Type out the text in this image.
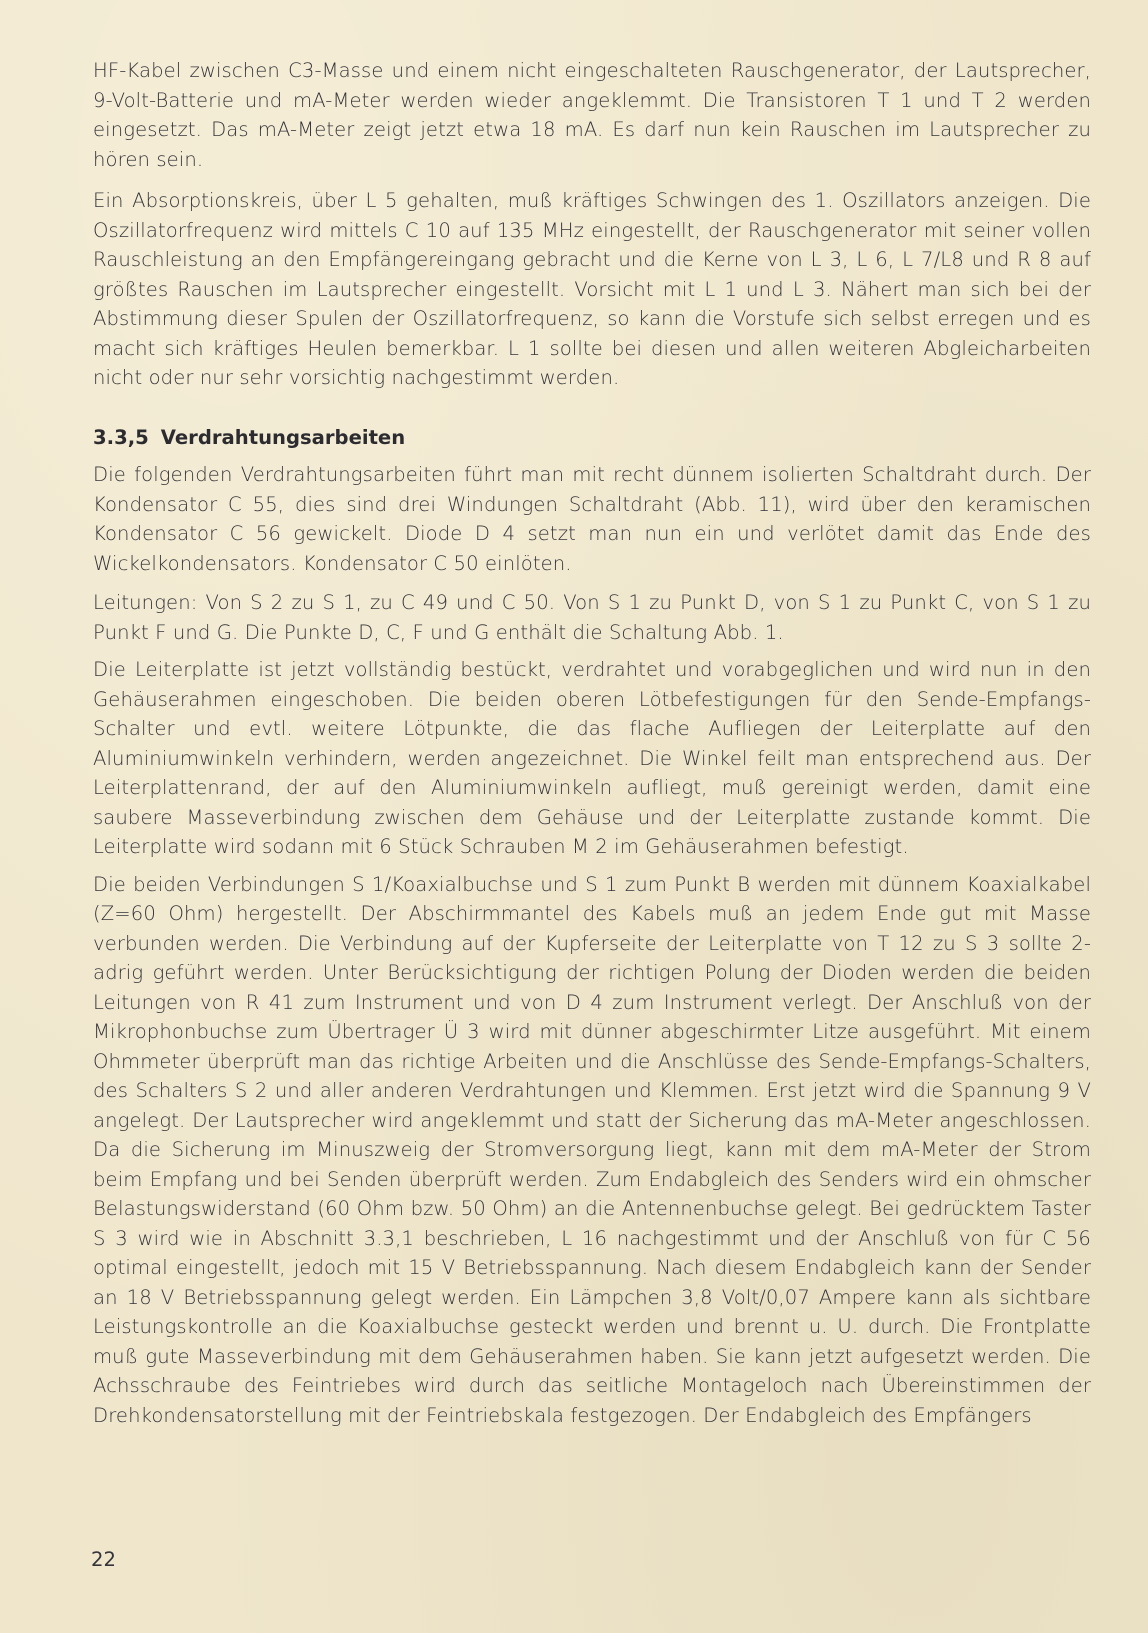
HF-Kabel zwischen C3-Masse und einem nicht eingeschalteten Rauschgenerator, der Lautsprecher, 9-Volt-Batterie und mA-Meter werden wieder angeklemmt. Die Transistoren T 1 und T 2 werden eingesetzt. Das mA-Meter zeigt jetzt etwa 18 mA. Es darf nun kein Rauschen im Lautsprecher zu hören sein.

Ein Absorptionskreis, über L 5 gehalten, muß kräftiges Schwingen des 1. Oszillators anzeigen. Die Oszillatorfrequenz wird mittels C 10 auf 135 MHz eingestellt, der Rauschgenerator mit seiner vollen Rauschleistung an den Empfängereingang gebracht und die Kerne von L 3, L 6, L 7/L8 und R 8 auf größtes Rauschen im Lautsprecher eingestellt. Vorsicht mit L 1 und L 3. Nähert man sich bei der Abstimmung dieser Spulen der Oszillatorfrequenz, so kann die Vorstufe sich selbst erregen und es macht sich kräftiges Heulen bemerkbar. L 1 sollte bei diesen und allen weiteren Abgleicharbeiten nicht oder nur sehr vorsichtig nachgestimmt werden.

3.3,5 Verdrahtungsarbeiten

Die folgenden Verdrahtungsarbeiten führt man mit recht dünnem isolierten Schaltdraht durch. Der Kondensator C 55, dies sind drei Windungen Schaltdraht (Abb. 11), wird über den keramischen Kondensator C 56 gewickelt. Diode D 4 setzt man nun ein und verlötet damit das Ende des Wickelkondensators. Kondensator C 50 einlöten.

Leitungen: Von S 2 zu S 1, zu C 49 und C 50. Von S 1 zu Punkt D, von S 1 zu Punkt C, von S 1 zu Punkt F und G. Die Punkte D, C, F und G enthält die Schaltung Abb. 1.

Die Leiterplatte ist jetzt vollständig bestückt, verdrahtet und vorabgeglichen und wird nun in den Gehäuserahmen eingeschoben. Die beiden oberen Lötbefestigungen für den Sende-Empfangs-Schalter und evtl. weitere Lötpunkte, die das flache Aufliegen der Leiterplatte auf den Aluminiumwinkeln verhindern, werden angezeichnet. Die Winkel feilt man entsprechend aus. Der Leiterplattenrand, der auf den Aluminiumwinkeln aufliegt, muß gereinigt werden, damit eine saubere Masseverbindung zwischen dem Gehäuse und der Leiterplatte zustande kommt. Die Leiterplatte wird sodann mit 6 Stück Schrauben M 2 im Gehäuserahmen befestigt.

Die beiden Verbindungen S 1/Koaxialbuchse und S 1 zum Punkt B werden mit dünnem Koaxialkabel (Z=60 Ohm) hergestellt. Der Abschirmmantel des Kabels muß an jedem Ende gut mit Masse verbunden werden. Die Verbindung auf der Kupferseite der Leiterplatte von T 12 zu S 3 sollte 2-adrig geführt werden. Unter Berücksichtigung der richtigen Polung der Dioden werden die beiden Leitungen von R 41 zum Instrument und von D 4 zum Instrument verlegt. Der Anschluß von der Mikrophonbuchse zum Übertrager Ü 3 wird mit dünner abgeschirmter Litze ausgeführt. Mit einem Ohmmeter überprüft man das richtige Arbeiten und die Anschlüsse des Sende-Empfangs-Schalters, des Schalters S 2 und aller anderen Verdrahtungen und Klemmen. Erst jetzt wird die Spannung 9 V angelegt. Der Lautsprecher wird angeklemmt und statt der Sicherung das mA-Meter angeschlossen. Da die Sicherung im Minuszweig der Stromversorgung liegt, kann mit dem mA-Meter der Strom beim Empfang und bei Senden überprüft werden. Zum Endabgleich des Senders wird ein ohmscher Belastungswiderstand (60 Ohm bzw. 50 Ohm) an die Antennenbuchse gelegt. Bei gedrücktem Taster S 3 wird wie in Abschnitt 3.3,1 beschrieben, L 16 nachgestimmt und der Anschluß von für C 56 optimal eingestellt, jedoch mit 15 V Betriebsspannung. Nach diesem Endabgleich kann der Sender an 18 V Betriebsspannung gelegt werden. Ein Lämpchen 3,8 Volt/0,07 Ampere kann als sichtbare Leistungskontrolle an die Koaxialbuchse gesteckt werden und brennt u. U. durch. Die Frontplatte muß gute Masseverbindung mit dem Gehäuserahmen haben. Sie kann jetzt aufgesetzt werden. Die Achsschraube des Feintriebes wird durch das seitliche Montageloch nach Übereinstimmen der Drehkondensatorstellung mit der Feintriebskala festgezogen. Der Endabgleich des Empfängers

22
